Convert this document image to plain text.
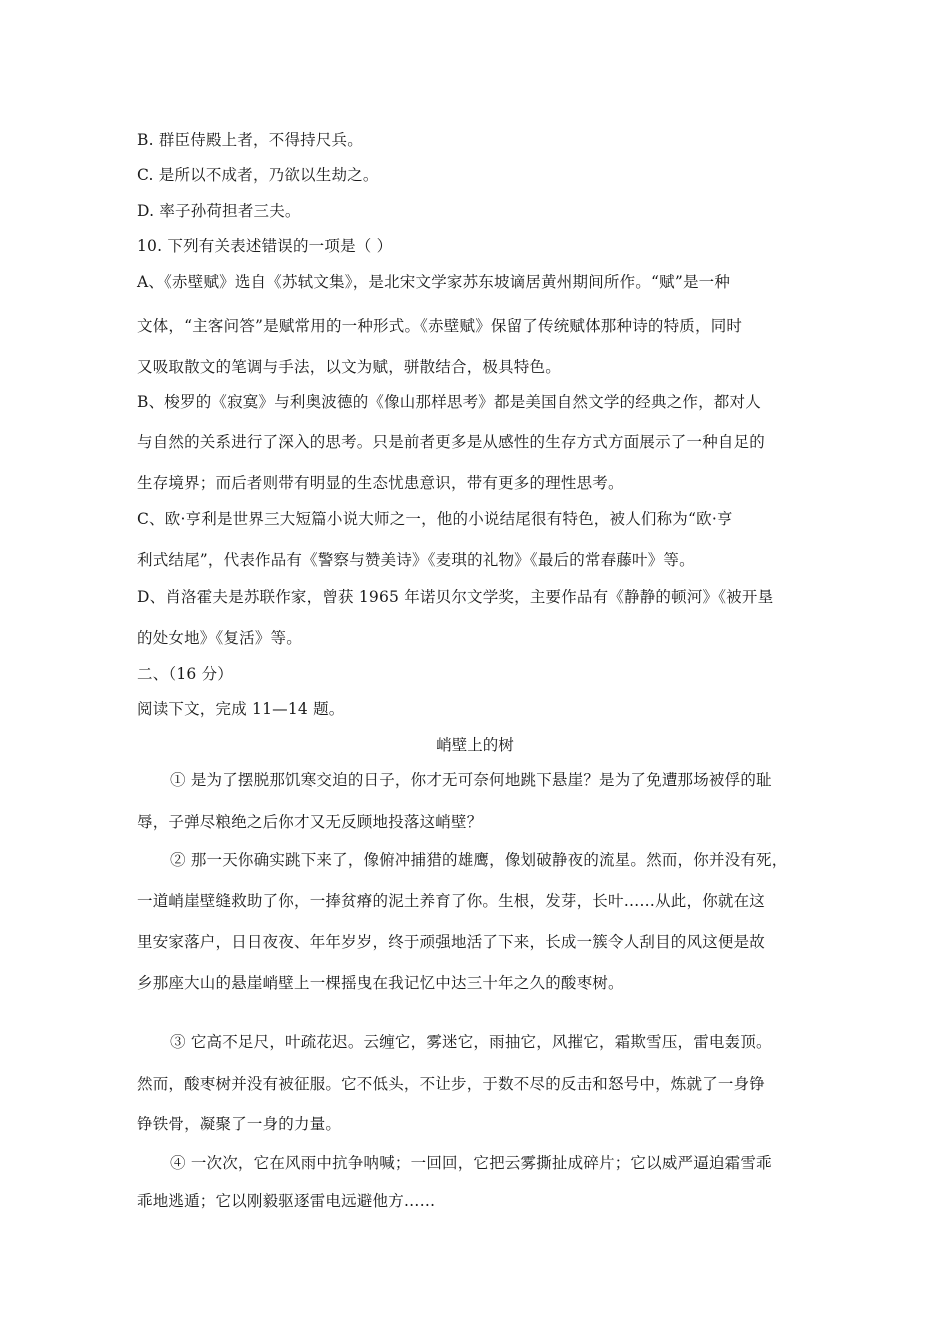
B. 群臣侍殿上者，不得持尺兵。
C. 是所以不成者，乃欲以生劫之。
D. 率子孙荷担者三夫。
10. 下列有关表述错误的一项是（ ）
A、《赤壁赋》选自《苏轼文集》，是北宋文学家苏东坡谪居黄州期间所作。“赋”是一种
文体，“主客问答”是赋常用的一种形式。《赤壁赋》保留了传统赋体那种诗的特质，同时
又吸取散文的笔调与手法，以文为赋，骈散结合，极具特色。
B、梭罗的《寂寞》与利奥波德的《像山那样思考》都是美国自然文学的经典之作，都对人
与自然的关系进行了深入的思考。只是前者更多是从感性的生存方式方面展示了一种自足的
生存境界；而后者则带有明显的生态忧患意识，带有更多的理性思考。
C、欧·亨利是世界三大短篇小说大师之一，他的小说结尾很有特色，被人们称为“欧·亨
利式结尾”，代表作品有《警察与赞美诗》《麦琪的礼物》《最后的常春藤叶》等。
D、肖洛霍夫是苏联作家，曾获 1965 年诺贝尔文学奖，主要作品有《静静的顿河》《被开垦
的处女地》《复活》等。
二、（16 分）
阅读下文，完成 11—14 题。
峭壁上的树
① 是为了摆脱那饥寒交迫的日子，你才无可奈何地跳下悬崖？是为了免遭那场被俘的耻
辱，子弹尽粮绝之后你才又无反顾地投落这峭壁？
② 那一天你确实跳下来了，像俯冲捕猎的雄鹰，像划破静夜的流星。然而，你并没有死，
一道峭崖壁缝救助了你，一捧贫瘠的泥土养育了你。生根，发芽，长叶……从此，你就在这
里安家落户，日日夜夜、年年岁岁，终于顽强地活了下来，长成一簇令人刮目的风这便是故
乡那座大山的悬崖峭壁上一棵摇曳在我记忆中达三十年之久的酸枣树。
③ 它高不足尺，叶疏花迟。云缠它，雾迷它，雨抽它，风摧它，霜欺雪压，雷电轰顶。
然而，酸枣树并没有被征服。它不低头，不让步，于数不尽的反击和怒号中，炼就了一身铮
铮铁骨，凝聚了一身的力量。
④ 一次次，它在风雨中抗争呐喊；一回回，它把云雾撕扯成碎片；它以威严逼迫霜雪乖
乖地逃遁；它以刚毅驱逐雷电远避他方……
